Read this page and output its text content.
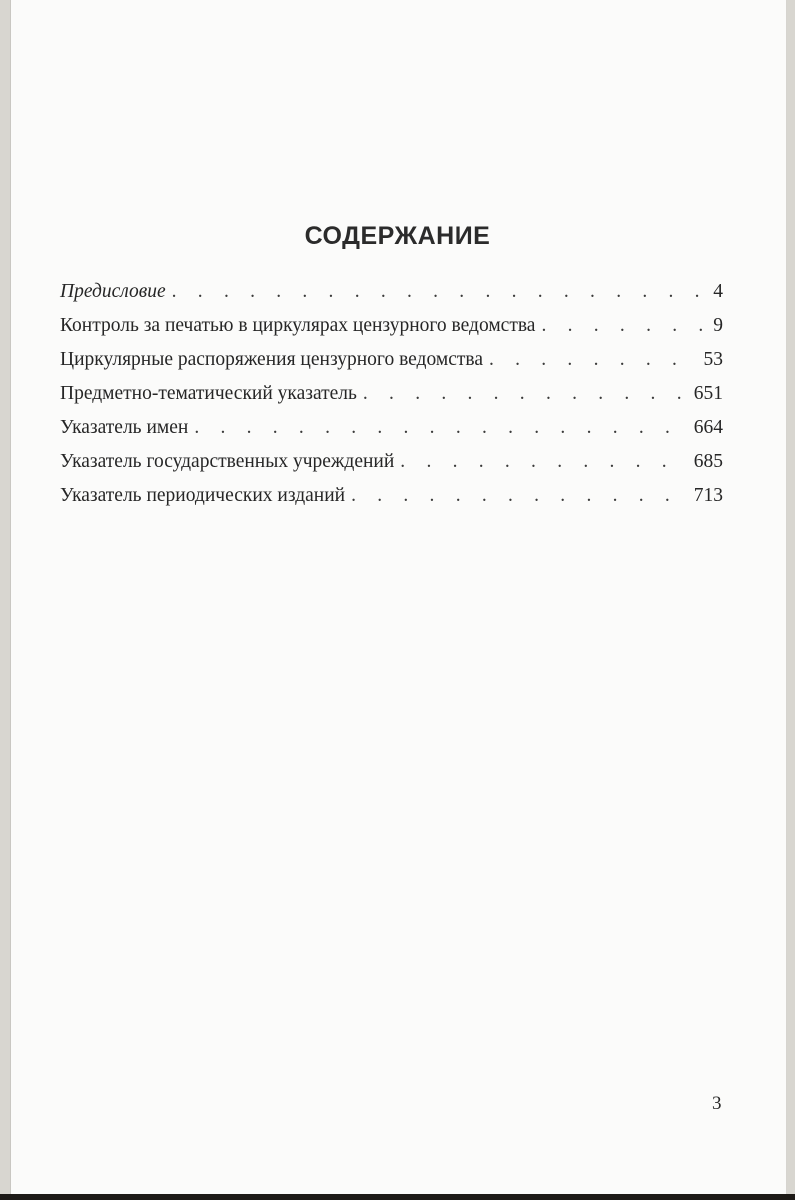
СОДЕРЖАНИЕ
Предисловие . . .	4
Контроль за печатью в циркулярах цензурного ведомства . . .	9
Циркулярные распоряжения цензурного ведомства . . .	53
Предметно-тематический указатель . . .	651
Указатель имен . . .	664
Указатель государственных учреждений . . .	685
Указатель периодических изданий . . .	713
3
